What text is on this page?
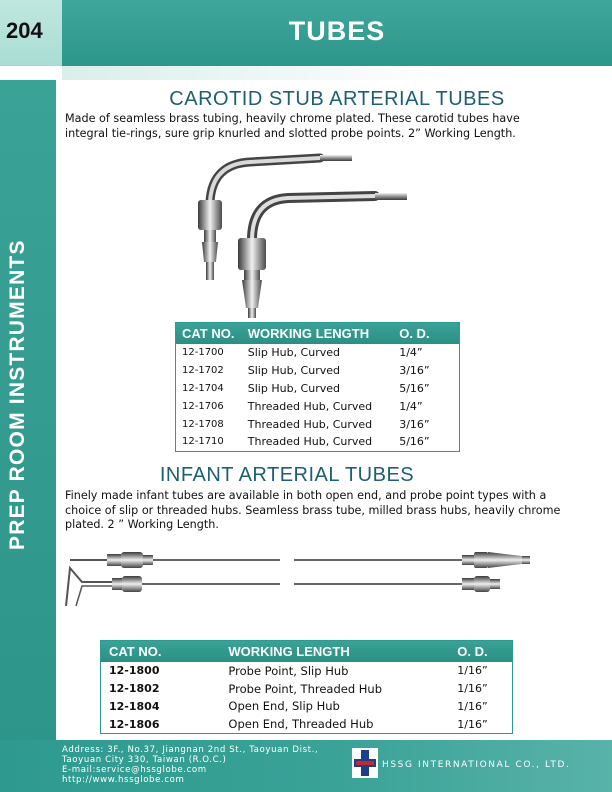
204	TUBES
PREP ROOM INSTRUMENTS
CAROTID STUB ARTERIAL TUBES
Made of seamless brass tubing, heavily chrome plated. These carotid tubes have integral tie-rings, sure grip knurled and slotted probe points. 2” Working Length.
CAT NO.	WORKING LENGTH	O. D.
12-1700	Slip Hub, Curved	1/4”
12-1702	Slip Hub, Curved	3/16”
12-1704	Slip Hub, Curved	5/16”
12-1706	Threaded Hub, Curved	1/4”
12-1708	Threaded Hub, Curved	3/16”
12-1710	Threaded Hub, Curved	5/16”
INFANT ARTERIAL TUBES
Finely made infant tubes are available in both open end, and probe point types with a choice of slip or threaded hubs. Seamless brass tube, milled brass hubs, heavily chrome plated. 2 ” Working Length.
CAT NO.	WORKING LENGTH	O. D.
12-1800	Probe Point, Slip Hub	1/16”
12-1802	Probe Point, Threaded Hub	1/16”
12-1804	Open End, Slip Hub	1/16”
12-1806	Open End, Threaded Hub	1/16”
Address: 3F., No.37, Jiangnan 2nd St., Taoyuan Dist.,
Taoyuan City 330, Taiwan (R.O.C.)
E-mail:service@hssglobe.com
http://www.hssglobe.com
HSSG INTERNATIONAL CO., LTD.
